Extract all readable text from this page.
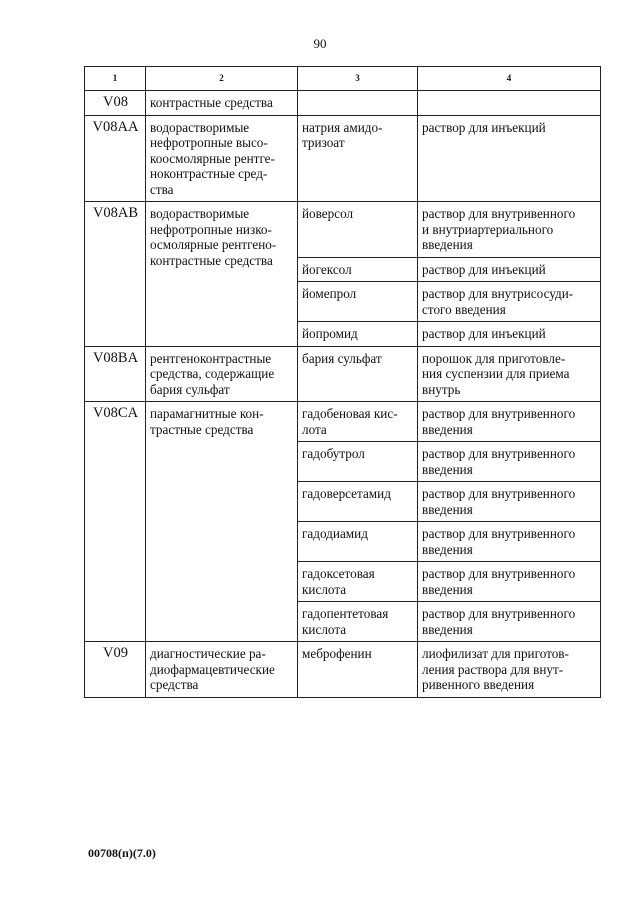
90
1	2	3	4
V08	контрастные средства		

V08AA	водорастворимые
нефротропные высо-
коосмолярные рентге-
ноконтрастные сред-
ства	натрия амидо-
тризоат	раствор для инъекций

V08AB	водорастворимые
нефротропные низко-
осмолярные рентгено-
контрастные средства	йоверсол	раствор для внутривенного
и внутриартериального
введения

		йогексол	раствор для инъекций

		йомепрол	раствор для внутрисосуди-
стого введения

		йопромид	раствор для инъекций

V08BA	рентгеноконтрастные
средства, содержащие
бария сульфат	бария сульфат	порошок для приготовле-
ния суспензии для приема
внутрь

V08CA	парамагнитные кон-
трастные средства	гадобеновая кис-
лота	раствор для внутривенного
введения

		гадобутрол	раствор для внутривенного
введения

		гадоверсетамид	раствор для внутривенного
введения

		гадодиамид	раствор для внутривенного
введения

		гадоксетовая
кислота	раствор для внутривенного
введения

		гадопентетовая
кислота	раствор для внутривенного
введения

V09	диагностические ра-
диофармацевтические
средства	меброфенин	лиофилизат для приготов-
ления раствора для внут-
ривенного введения
00708(п)(7.0)
